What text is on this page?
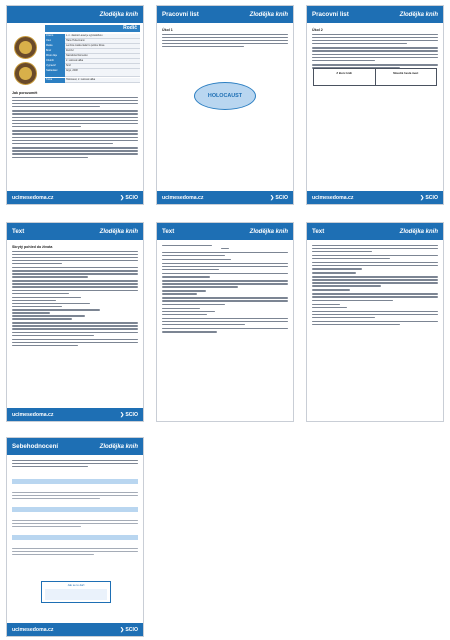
Zlodějka knih
Rodič
Jméno	L. n. vlastně Liesel je vypravěčkou
Otec	Hans Hubermann
Matka	Lenčina matka ráda ho poštvu Rosa
Bratr	Zemřel
Místo děje	Nacistické Německo
Období	2. světová válka
Vypravěč	Smrt
Nakladatel	Argo, 2008
Téma	Holocaust, 2. světová válka
Jak porozumět
ucimesedoma.cz	❯ SCIO
Pracovní list	Zlodějka knih
Úkol 1
HOLOCAUST
ucimesedoma.cz	❯ SCIO
Pracovní list	Zlodějka knih
Úkol 2
Z kterc knih	Moudré hesla mezi
ucimesedoma.cz	❯ SCIO
Text	Zlodějka knih
Skrytý pohled do života
ucimesedoma.cz	❯ SCIO
Text	Zlodějka knih	Text	Zlodějka knih
Sebehodnocení	Zlodějka knih
Jak se to daří
ucimesedoma.cz	❯ SCIO
